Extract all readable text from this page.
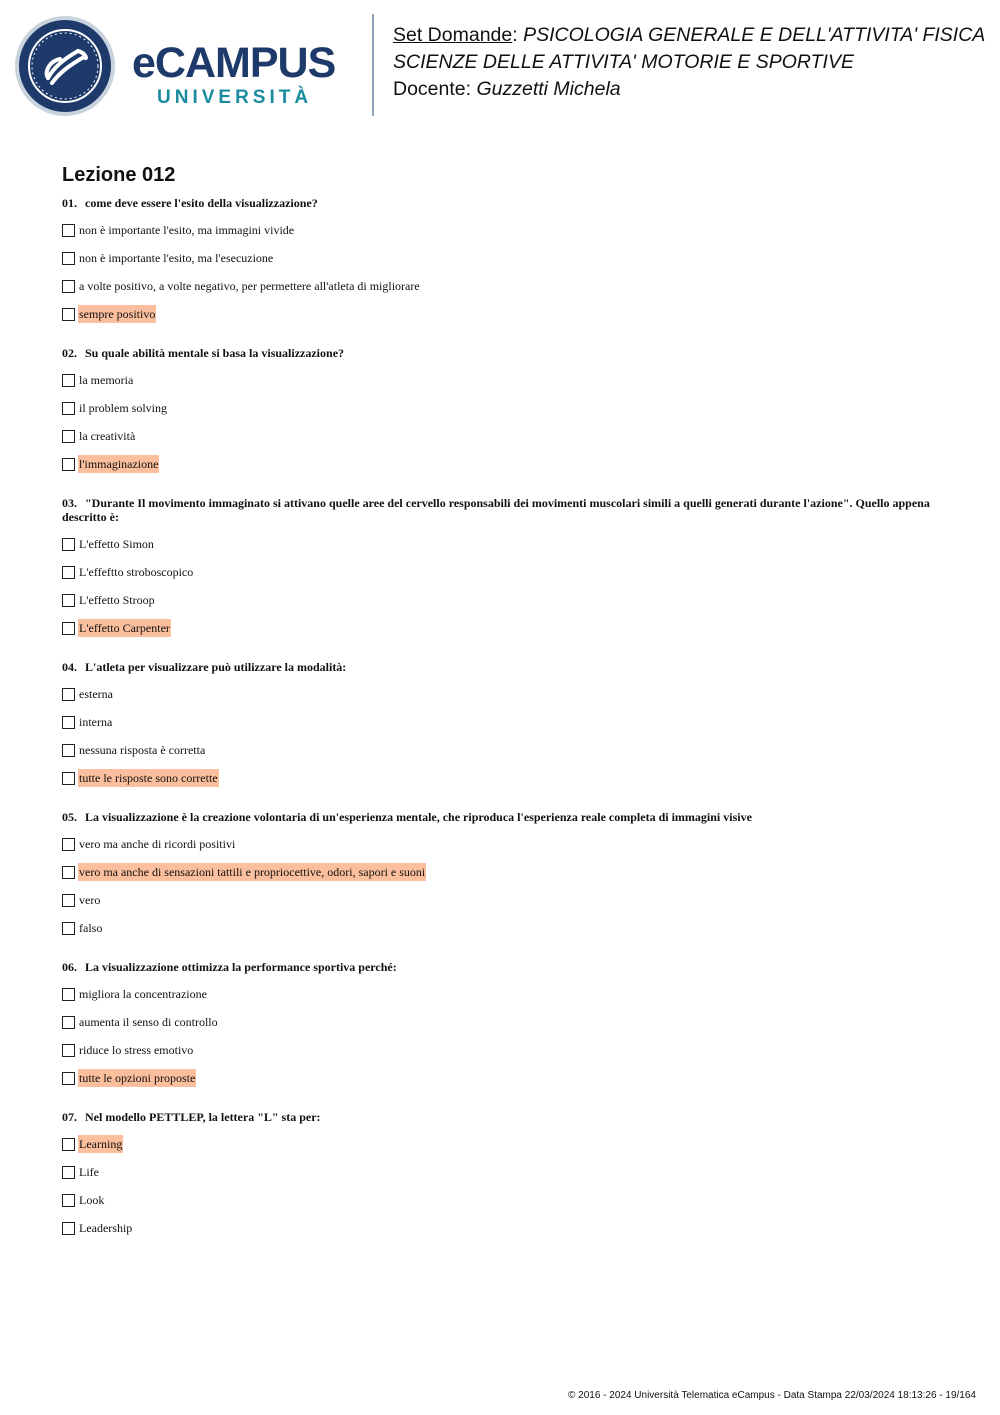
eCAMPUS
UNIVERSITÀ
Set Domande: PSICOLOGIA GENERALE E DELL'ATTIVITA' FISICA
SCIENZE DELLE ATTIVITA' MOTORIE E SPORTIVE
Docente: Guzzetti Michela
Lezione 012
01. come deve essere l'esito della visualizzazione?
non è importante l'esito, ma immagini vivide
non è importante l'esito, ma l'esecuzione
a volte positivo, a volte negativo, per permettere all'atleta di migliorare
sempre positivo
02. Su quale abilità mentale si basa la visualizzazione?
la memoria
il problem solving
la creatività
l'immaginazione
03. "Durante Il movimento immaginato si attivano quelle aree del cervello responsabili dei movimenti muscolari simili a quelli generati durante l'azione". Quello appena descritto è:
L'effetto Simon
L'effeftto stroboscopico
L'effetto Stroop
L'effetto Carpenter
04. L'atleta per visualizzare può utilizzare la modalità:
esterna
interna
nessuna risposta è corretta
tutte le risposte sono corrette
05. La visualizzazione è la creazione volontaria di un'esperienza mentale, che riproduca l'esperienza reale completa di immagini visive
vero ma anche di ricordi positivi
vero ma anche di sensazioni tattili e propriocettive, odori, sapori e suoni
vero
falso
06. La visualizzazione ottimizza la performance sportiva perché:
migliora la concentrazione
aumenta il senso di controllo
riduce lo stress emotivo
tutte le opzioni proposte
07. Nel modello PETTLEP, la lettera "L" sta per:
Learning
Life
Look
Leadership
© 2016 - 2024 Università Telematica eCampus - Data Stampa 22/03/2024 18:13:26 - 19/164
